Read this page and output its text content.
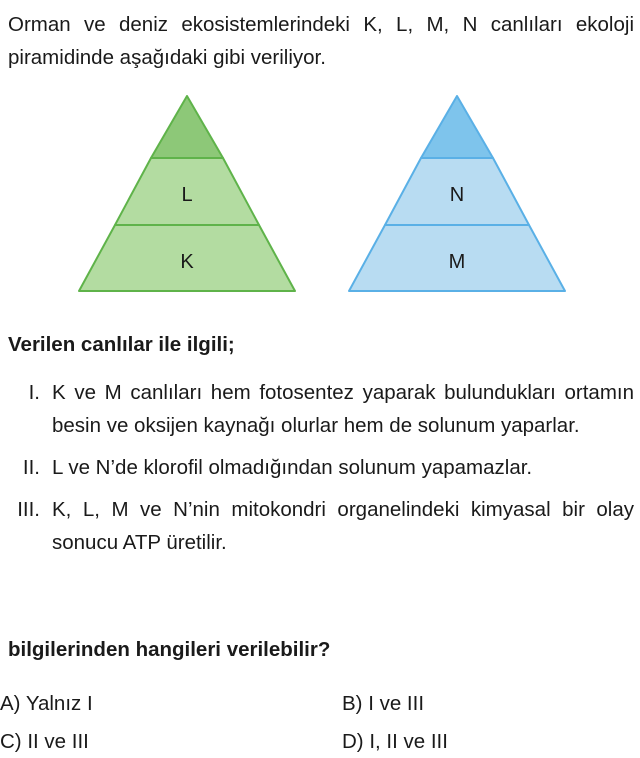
Orman ve deniz ekosistemlerindeki K, L, M, N canlıları ekoloji piramidinde aşağıdaki gibi veriliyor.

L
K
N
M

Verilen canlılar ile ilgili;

I. K ve M canlıları hem fotosentez yaparak bulundukları ortamın besin ve oksijen kaynağı olurlar hem de solunum yaparlar.
II. L ve N’de klorofil olmadığından solunum yapamazlar.
III. K, L, M ve N’nin mitokondri organelindeki kimyasal bir olay sonucu ATP üretilir.

bilgilerinden hangileri verilebilir?

A) Yalnız I	B) I ve III
C) II ve III	D) I, II ve III
